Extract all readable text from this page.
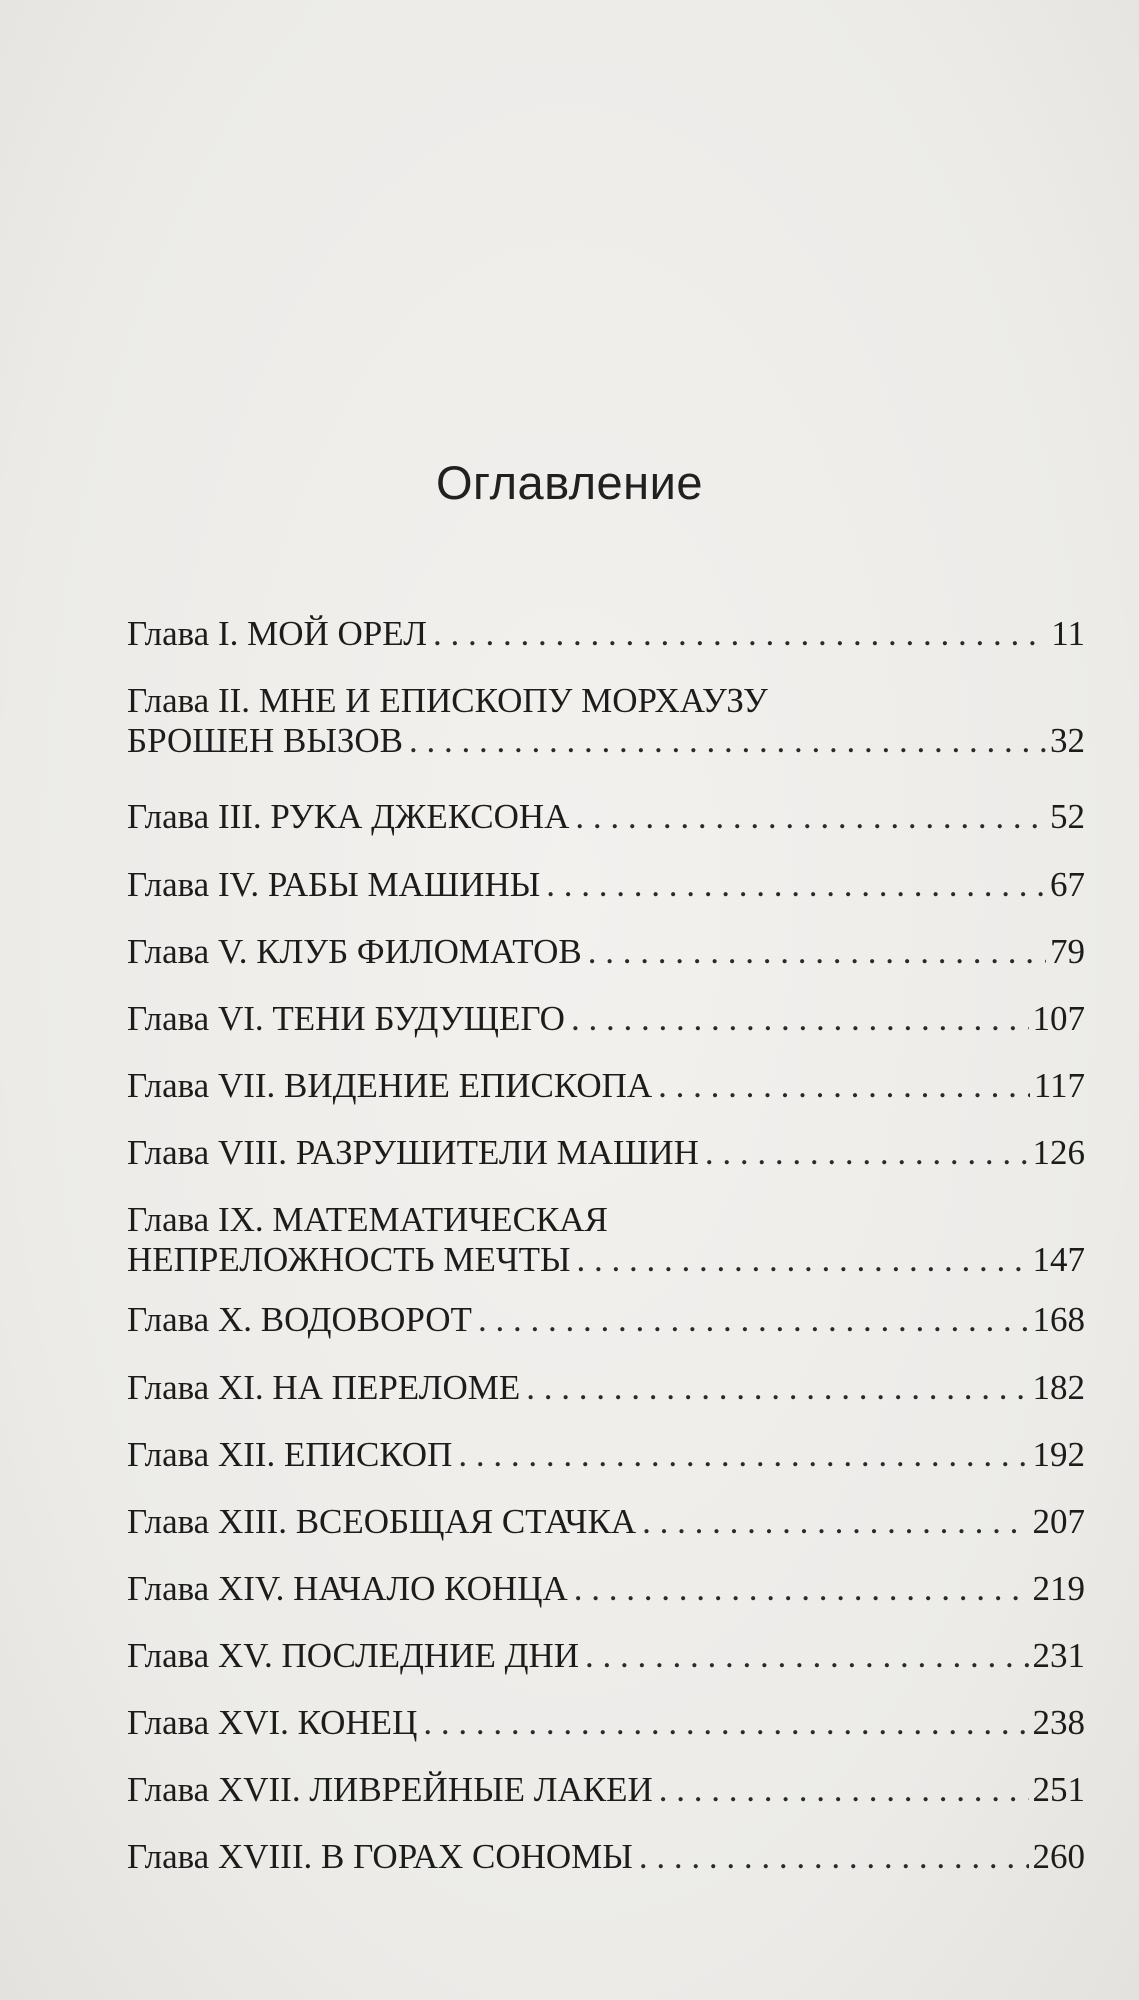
Оглавление
Глава I. МОЙ ОРЕЛ . . .	11
Глава II. МНЕ И ЕПИСКОПУ МОРХАУЗУ
БРОШЕН ВЫЗОВ . . .	32
Глава III. РУКА ДЖЕКСОНА . . .	52
Глава IV. РАБЫ МАШИНЫ . . .	67
Глава V. КЛУБ ФИЛОМАТОВ . . .	79
Глава VI. ТЕНИ БУДУЩЕГО . . .	107
Глава VII. ВИДЕНИЕ ЕПИСКОПА . . .	117
Глава VIII. РАЗРУШИТЕЛИ МАШИН . . .	126
Глава IX. МАТЕМАТИЧЕСКАЯ
НЕПРЕЛОЖНОСТЬ МЕЧТЫ . . .	147
Глава X. ВОДОВОРОТ . . .	168
Глава XI. НА ПЕРЕЛОМЕ . . .	182
Глава XII. ЕПИСКОП . . .	192
Глава XIII. ВСЕОБЩАЯ СТАЧКА . . .	207
Глава XIV. НАЧАЛО КОНЦА . . .	219
Глава XV. ПОСЛЕДНИЕ ДНИ . . .	231
Глава XVI. КОНЕЦ . . .	238
Глава XVII. ЛИВРЕЙНЫЕ ЛАКЕИ . . .	251
Глава XVIII. В ГОРАХ СОНОМЫ . . .	260
